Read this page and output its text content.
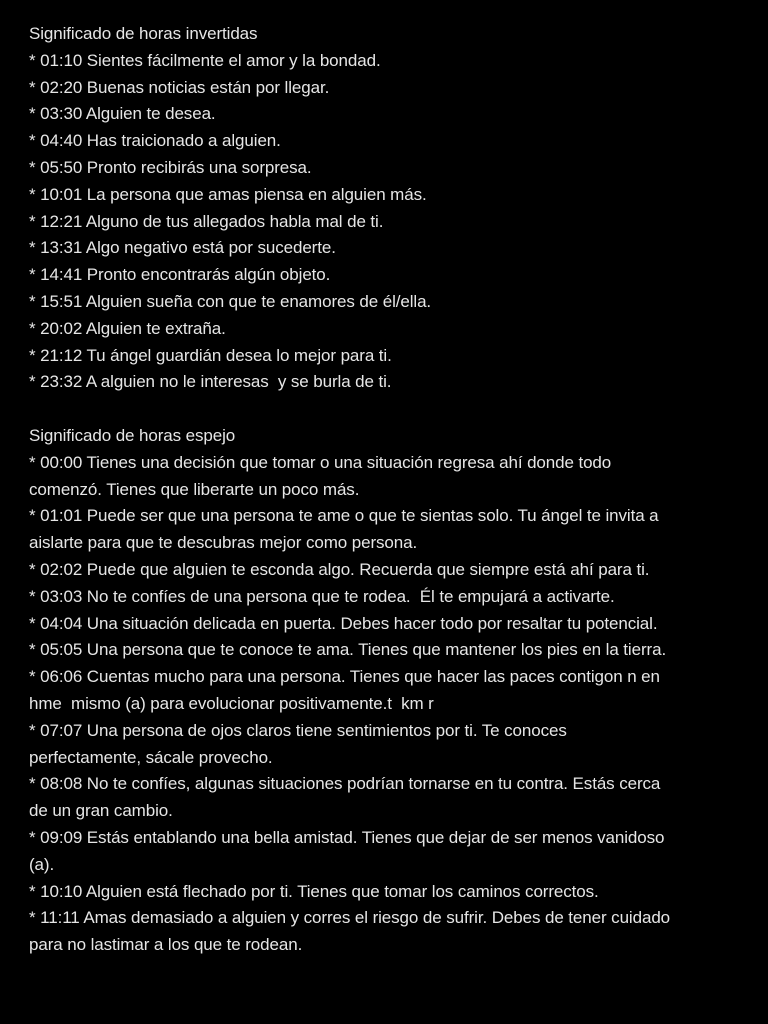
Significado de horas invertidas
* 01:10 Sientes fácilmente el amor y la bondad.
* 02:20 Buenas noticias están por llegar.
* 03:30 Alguien te desea.
* 04:40 Has traicionado a alguien.
* 05:50 Pronto recibirás una sorpresa.
* 10:01 La persona que amas piensa en alguien más.
* 12:21 Alguno de tus allegados habla mal de ti.
* 13:31 Algo negativo está por sucederte.
* 14:41 Pronto encontrarás algún objeto.
* 15:51 Alguien sueña con que te enamores de él/ella.
* 20:02 Alguien te extraña.
* 21:12 Tu ángel guardián desea lo mejor para ti.
* 23:32 A alguien no le interesas  y se burla de ti.
Significado de horas espejo
* 00:00 Tienes una decisión que tomar o una situación regresa ahí donde todo
comenzó. Tienes que liberarte un poco más.
* 01:01 Puede ser que una persona te ame o que te sientas solo. Tu ángel te invita a
aislarte para que te descubras mejor como persona.
* 02:02 Puede que alguien te esconda algo. Recuerda que siempre está ahí para ti.
* 03:03 No te confíes de una persona que te rodea.  Él te empujará a activarte.
* 04:04 Una situación delicada en puerta. Debes hacer todo por resaltar tu potencial.
* 05:05 Una persona que te conoce te ama. Tienes que mantener los pies en la tierra.
* 06:06 Cuentas mucho para una persona. Tienes que hacer las paces contigon n en
hme  mismo (a) para evolucionar positivamente.t  km r
* 07:07 Una persona de ojos claros tiene sentimientos por ti. Te conoces
perfectamente, sácale provecho.
* 08:08 No te confíes, algunas situaciones podrían tornarse en tu contra. Estás cerca
de un gran cambio.
* 09:09 Estás entablando una bella amistad. Tienes que dejar de ser menos vanidoso
(a).
* 10:10 Alguien está flechado por ti. Tienes que tomar los caminos correctos.
* 11:11 Amas demasiado a alguien y corres el riesgo de sufrir. Debes de tener cuidado
para no lastimar a los que te rodean.
